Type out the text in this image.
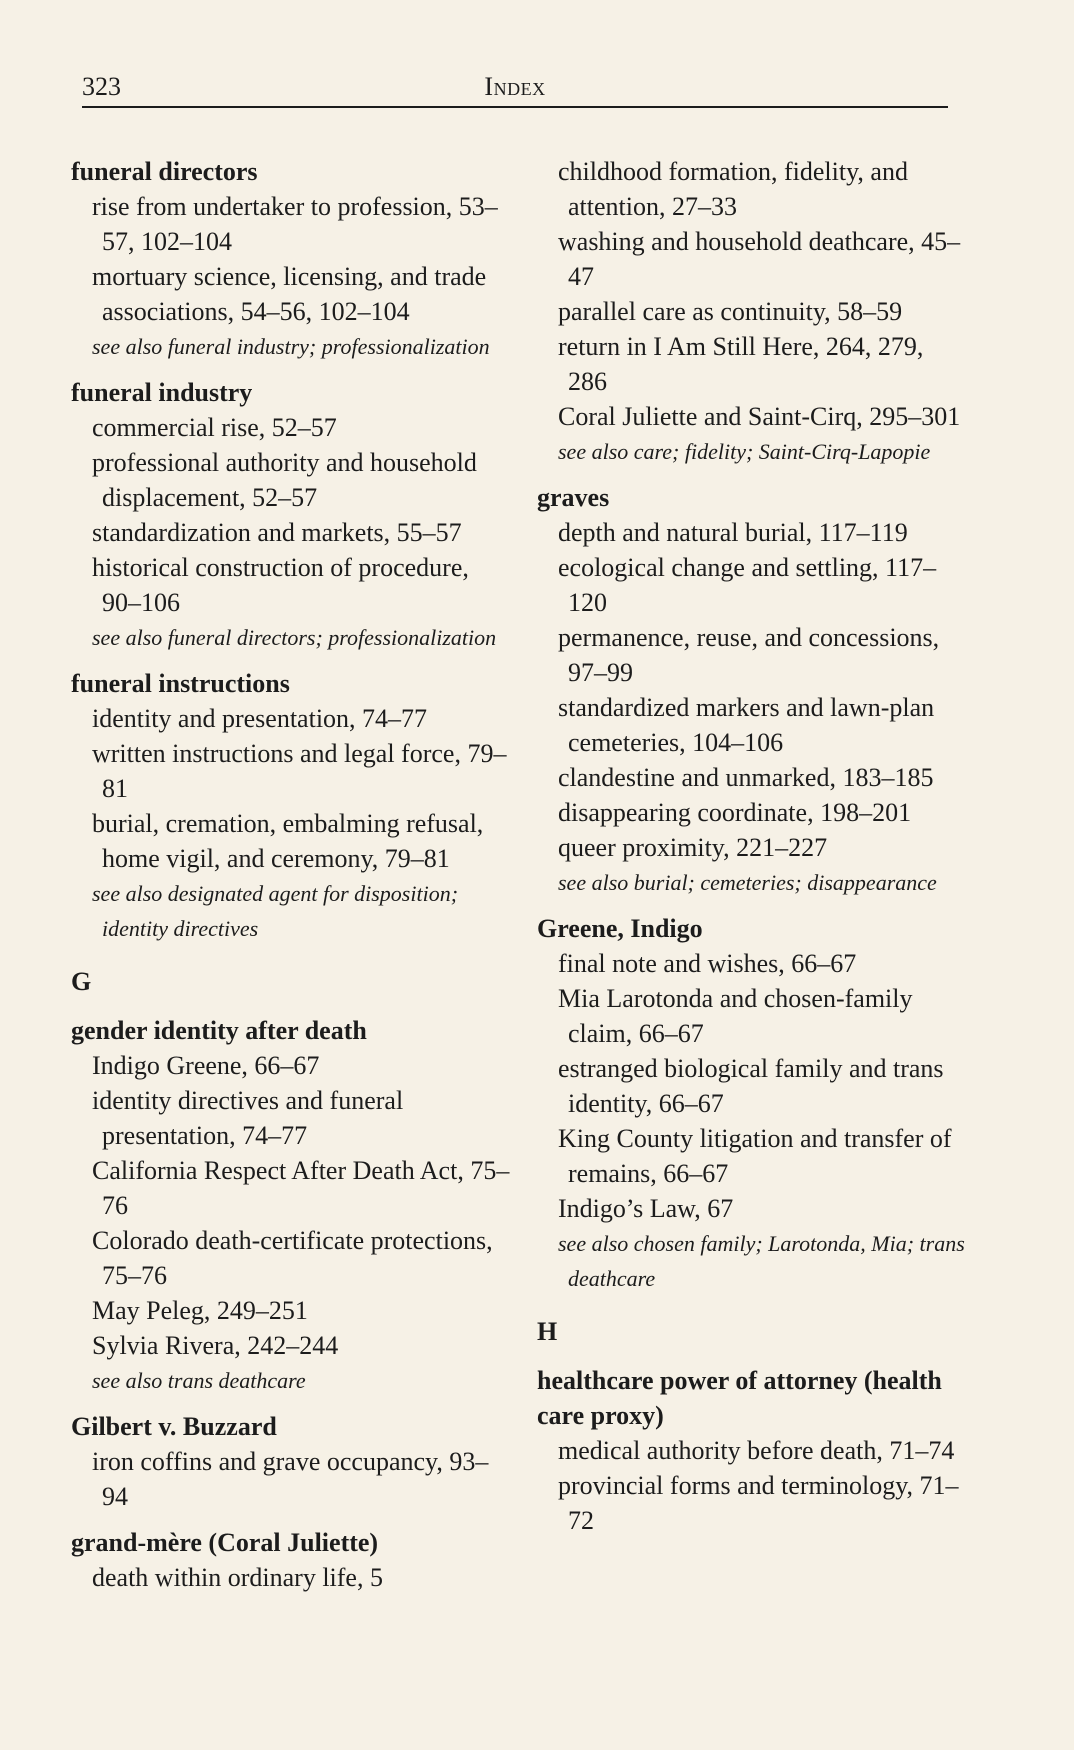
323	Index
funeral directors
rise from undertaker to profession, 53–57, 102–104
mortuary science, licensing, and trade associations, 54–56, 102–104
see also funeral industry; professionalization
funeral industry
commercial rise, 52–57
professional authority and household displacement, 52–57
standardization and markets, 55–57
historical construction of procedure, 90–106
see also funeral directors; professionalization
funeral instructions
identity and presentation, 74–77
written instructions and legal force, 79–81
burial, cremation, embalming refusal, home vigil, and ceremony, 79–81
see also designated agent for disposition; identity directives
G
gender identity after death
Indigo Greene, 66–67
identity directives and funeral presentation, 74–77
California Respect After Death Act, 75–76
Colorado death-certificate protections, 75–76
May Peleg, 249–251
Sylvia Rivera, 242–244
see also trans deathcare
Gilbert v. Buzzard
iron coffins and grave occupancy, 93–94
grand-mère (Coral Juliette)
death within ordinary life, 5
childhood formation, fidelity, and attention, 27–33
washing and household deathcare, 45–47
parallel care as continuity, 58–59
return in I Am Still Here, 264, 279, 286
Coral Juliette and Saint-Cirq, 295–301
see also care; fidelity; Saint-Cirq-Lapopie
graves
depth and natural burial, 117–119
ecological change and settling, 117–120
permanence, reuse, and concessions, 97–99
standardized markers and lawn-plan cemeteries, 104–106
clandestine and unmarked, 183–185
disappearing coordinate, 198–201
queer proximity, 221–227
see also burial; cemeteries; disappearance
Greene, Indigo
final note and wishes, 66–67
Mia Larotonda and chosen-family claim, 66–67
estranged biological family and trans identity, 66–67
King County litigation and transfer of remains, 66–67
Indigo’s Law, 67
see also chosen family; Larotonda, Mia; trans deathcare
H
healthcare power of attorney (health care proxy)
medical authority before death, 71–74
provincial forms and terminology, 71–72
